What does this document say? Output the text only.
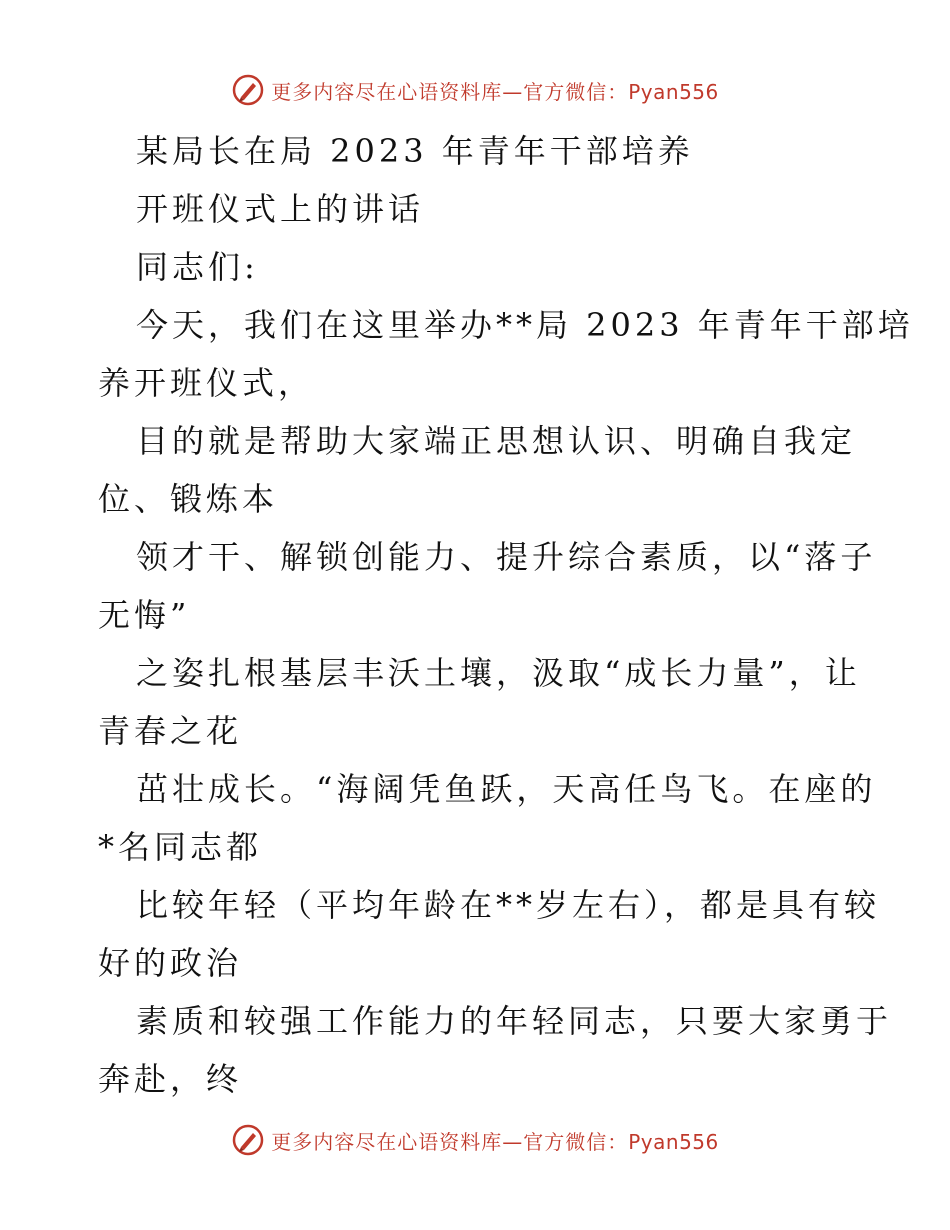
更多内容尽在心语资料库—官方微信：Pyan556
某局长在局 2023 年青年干部培养
开班仪式上的讲话
同志们:
今天，我们在这里举办**局 2023 年青年干部培
养开班仪式，
目的就是帮助大家端正思想认识、明确自我定
位、锻炼本
领才干、解锁创能力、提升综合素质，以“落子
无悔”
之姿扎根基层丰沃土壤，汲取“成长力量”，让
青春之花
茁壮成长。“海阔凭鱼跃，天高任鸟飞。在座的
*名同志都
比较年轻（平均年龄在**岁左右），都是具有较
好的政治
素质和较强工作能力的年轻同志，只要大家勇于
奔赴，终
更多内容尽在心语资料库—官方微信：Pyan556
